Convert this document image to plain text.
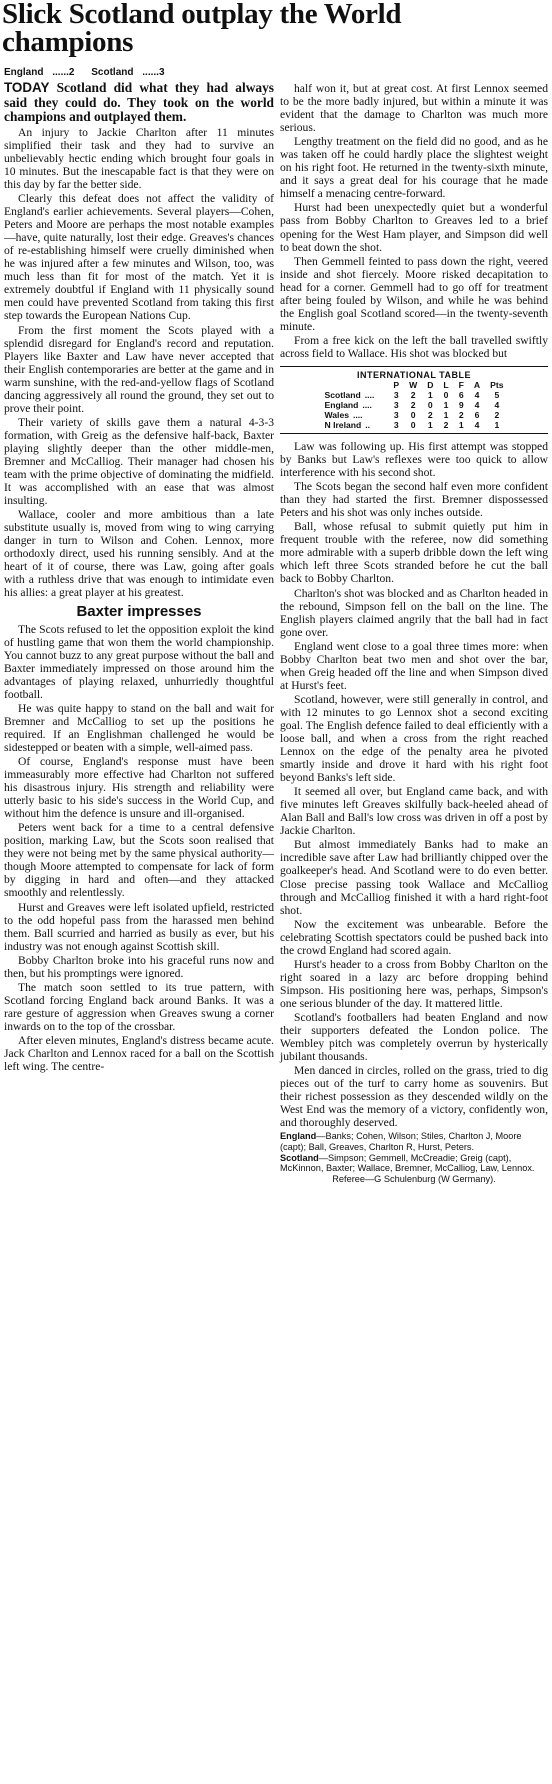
Slick Scotland outplay the World champions
England ......2 Scotland ......3

TODAY Scotland did what they had always said they could do. They took on the world champions and outplayed them.

An injury to Jackie Charlton after 11 minutes simplified their task and they had to survive an unbelievably hectic ending which brought four goals in 10 minutes. But the inescapable fact is that they were on this day by far the better side.

Clearly this defeat does not affect the validity of England's earlier achievements. Several players—Cohen, Peters and Moore are perhaps the most notable examples—have, quite naturally, lost their edge. Greaves's chances of re-establishing himself were cruelly diminished when he was injured after a few minutes and Wilson, too, was much less than fit for most of the match. Yet it is extremely doubtful if England with 11 physically sound men could have prevented Scotland from taking this first step towards the European Nations Cup.

From the first moment the Scots played with a splendid disregard for England's record and reputation. Players like Baxter and Law have never accepted that their English contemporaries are better at the game and in warm sunshine, with the red-and-yellow flags of Scotland dancing aggressively all round the ground, they set out to prove their point.

Their variety of skills gave them a natural 4-3-3 formation, with Greig as the defensive half-back, Baxter playing slightly deeper than the other middle-men, Bremner and McCalliog. Their manager had chosen his team with the prime objective of dominating the midfield. It was accomplished with an ease that was almost insulting.

Wallace, cooler and more ambitious than a late substitute usually is, moved from wing to wing carrying danger in turn to Wilson and Cohen. Lennox, more orthodoxly direct, used his running sensibly. And at the heart of it of course, there was Law, going after goals with a ruthless drive that was enough to intimidate even his allies: a great player at his greatest.

Baxter impresses

The Scots refused to let the opposition exploit the kind of hustling game that won them the world championship. You cannot buzz to any great purpose without the ball and Baxter immediately impressed on those around him the advantages of playing relaxed, unhurriedly thoughtful football.

He was quite happy to stand on the ball and wait for Bremner and McCalliog to set up the positions he required. If an Englishman challenged he would be sidestepped or beaten with a simple, well-aimed pass.

Of course, England's response must have been immeasurably more effective had Charlton not suffered his disastrous injury. His strength and reliability were utterly basic to his side's success in the World Cup, and without him the defence is unsure and ill-organised.

Peters went back for a time to a central defensive position, marking Law, but the Scots soon realised that they were not being met by the same physical authority—though Moore attempted to compensate for lack of form by digging in hard and often—and they attacked smoothly and relentlessly.

Hurst and Greaves were left isolated upfield, restricted to the odd hopeful pass from the harassed men behind them. Ball scurried and harried as busily as ever, but his industry was not enough against Scottish skill.

Bobby Charlton broke into his graceful runs now and then, but his promptings were ignored.

The match soon settled to its true pattern, with Scotland forcing England back around Banks. It was a rare gesture of aggression when Greaves swung a corner inwards on to the top of the crossbar.

After eleven minutes, England's distress became acute. Jack Charlton and Lennox raced for a ball on the Scottish left wing. The centre-

half won it, but at great cost. At first Lennox seemed to be the more badly injured, but within a minute it was evident that the damage to Charlton was much more serious.

Lengthy treatment on the field did no good, and as he was taken off he could hardly place the slightest weight on his right foot. He returned in the twenty-sixth minute, and it says a great deal for his courage that he made himself a menacing centre-forward.

Hurst had been unexpectedly quiet but a wonderful pass from Bobby Charlton to Greaves led to a brief opening for the West Ham player, and Simpson did well to beat down the shot.

Then Gemmell feinted to pass down the right, veered inside and shot fiercely. Moore risked decapitation to head for a corner. Gemmell had to go off for treatment after being fouled by Wilson, and while he was behind the English goal Scotland scored—in the twenty-seventh minute.

From a free kick on the left the ball travelled swiftly across field to Wallace. His shot was blocked but

INTERNATIONAL TABLE
	P	W	D	L	F	A	Pts
Scotland ....	3	2	1	0	6	4	5
England ....	3	2	0	1	9	4	4
Wales ....	3	0	2	1	2	6	2
N Ireland ..	3	0	1	2	1	4	1

Law was following up. His first attempt was stopped by Banks but Law's reflexes were too quick to allow interference with his second shot.

The Scots began the second half even more confident than they had started the first. Bremner dispossessed Peters and his shot was only inches outside.

Ball, whose refusal to submit quietly put him in frequent trouble with the referee, now did something more admirable with a superb dribble down the left wing which left three Scots stranded before he cut the ball back to Bobby Charlton.

Charlton's shot was blocked and as Charlton headed in the rebound, Simpson fell on the ball on the line. The English players claimed angrily that the ball had in fact gone over.

England went close to a goal three times more: when Bobby Charlton beat two men and shot over the bar, when Greig headed off the line and when Simpson dived at Hurst's feet.

Scotland, however, were still generally in control, and with 12 minutes to go Lennox shot a second exciting goal. The English defence failed to deal efficiently with a loose ball, and when a cross from the right reached Lennox on the edge of the penalty area he pivoted smartly inside and drove it hard with his right foot beyond Banks's left side.

It seemed all over, but England came back, and with five minutes left Greaves skilfully back-heeled ahead of Alan Ball and Ball's low cross was driven in off a post by Jackie Charlton.

But almost immediately Banks had to make an incredible save after Law had brilliantly chipped over the goalkeeper's head. And Scotland were to do even better. Close precise passing took Wallace and McCalliog through and McCalliog finished it with a hard right-foot shot.

Now the excitement was unbearable. Before the celebrating Scottish spectators could be pushed back into the crowd England had scored again.

Hurst's header to a cross from Bobby Charlton on the right soared in a lazy arc before dropping behind Simpson. His positioning here was, perhaps, Simpson's one serious blunder of the day. It mattered little.

Scotland's footballers had beaten England and now their supporters defeated the London police. The Wembley pitch was completely overrun by hysterically jubilant thousands.

Men danced in circles, rolled on the grass, tried to dig pieces out of the turf to carry home as souvenirs. But their richest possession as they descended wildly on the West End was the memory of a victory, confidently won, and thoroughly deserved.

England—Banks; Cohen, Wilson; Stiles, Charlton J, Moore (capt); Ball, Greaves, Charlton R, Hurst, Peters.
Scotland—Simpson; Gemmell, McCreadie; Greig (capt), McKinnon, Baxter; Wallace, Bremner, McCalliog, Law, Lennox.
Referee—G Schulenburg (W Germany).
